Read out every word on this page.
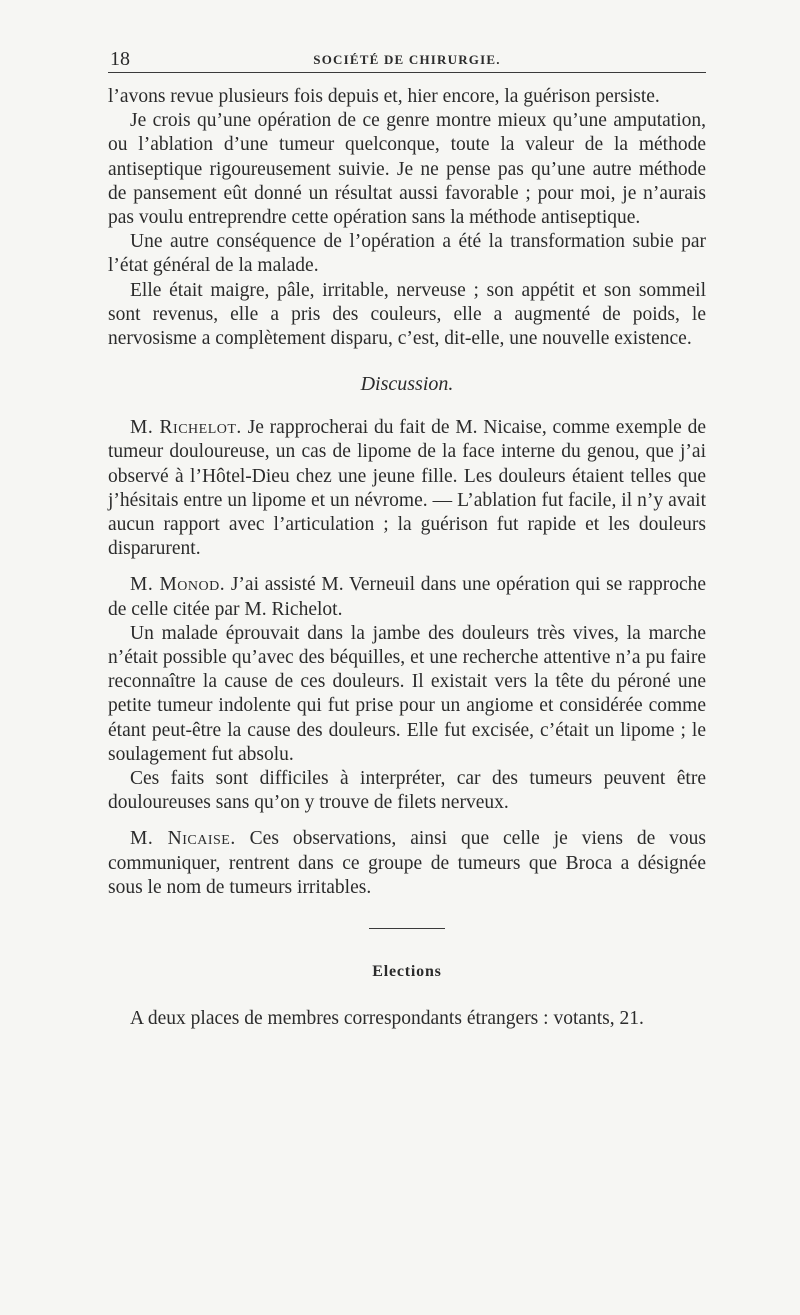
18	SOCIÉTÉ DE CHIRURGIE.

l’avons revue plusieurs fois depuis et, hier encore, la guérison persiste.

Je crois qu’une opération de ce genre montre mieux qu’une amputation, ou l’ablation d’une tumeur quelconque, toute la valeur de la méthode antiseptique rigoureusement suivie. Je ne pense pas qu’une autre méthode de pansement eût donné un résultat aussi favorable ; pour moi, je n’aurais pas voulu entreprendre cette opération sans la méthode antiseptique.

Une autre conséquence de l’opération a été la transformation subie par l’état général de la malade.

Elle était maigre, pâle, irritable, nerveuse ; son appétit et son sommeil sont revenus, elle a pris des couleurs, elle a augmenté de poids, le nervosisme a complètement disparu, c’est, dit-elle, une nouvelle existence.

Discussion.

M. Richelot. Je rapprocherai du fait de M. Nicaise, comme exemple de tumeur douloureuse, un cas de lipome de la face interne du genou, que j’ai observé à l’Hôtel-Dieu chez une jeune fille. Les douleurs étaient telles que j’hésitais entre un lipome et un névrome. — L’ablation fut facile, il n’y avait aucun rapport avec l’articulation ; la guérison fut rapide et les douleurs disparurent.

M. Monod. J’ai assisté M. Verneuil dans une opération qui se rapproche de celle citée par M. Richelot.

Un malade éprouvait dans la jambe des douleurs très vives, la marche n’était possible qu’avec des béquilles, et une recherche attentive n’a pu faire reconnaître la cause de ces douleurs. Il existait vers la tête du péroné une petite tumeur indolente qui fut prise pour un angiome et considérée comme étant peut-être la cause des douleurs. Elle fut excisée, c’était un lipome ; le soulagement fut absolu.

Ces faits sont difficiles à interpréter, car des tumeurs peuvent être douloureuses sans qu’on y trouve de filets nerveux.

M. Nicaise. Ces observations, ainsi que celle je viens de vous communiquer, rentrent dans ce groupe de tumeurs que Broca a désignée sous le nom de tumeurs irritables.

Elections

A deux places de membres correspondants étrangers : votants, 21.
